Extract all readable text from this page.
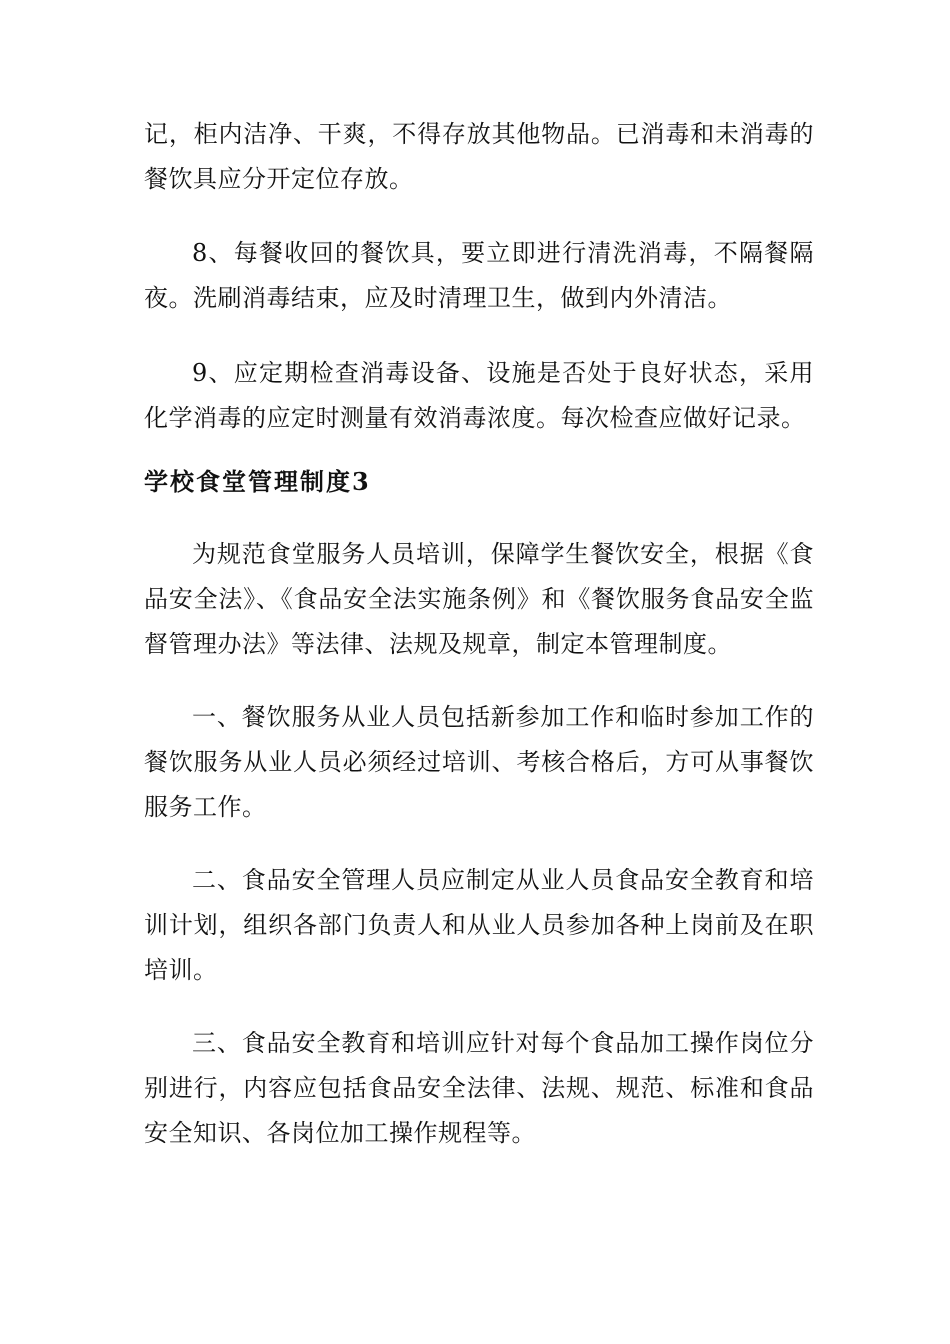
记，柜内洁净、干爽，不得存放其他物品。已消毒和未消毒的餐饮具应分开定位存放。

8、每餐收回的餐饮具，要立即进行清洗消毒，不隔餐隔夜。洗刷消毒结束，应及时清理卫生，做到内外清洁。

9、应定期检查消毒设备、设施是否处于良好状态，采用化学消毒的应定时测量有效消毒浓度。每次检查应做好记录。

学校食堂管理制度3

为规范食堂服务人员培训，保障学生餐饮安全，根据《食品安全法》、《食品安全法实施条例》和《餐饮服务食品安全监督管理办法》等法律、法规及规章，制定本管理制度。

一、餐饮服务从业人员包括新参加工作和临时参加工作的餐饮服务从业人员必须经过培训、考核合格后，方可从事餐饮服务工作。

二、食品安全管理人员应制定从业人员食品安全教育和培训计划，组织各部门负责人和从业人员参加各种上岗前及在职培训。

三、食品安全教育和培训应针对每个食品加工操作岗位分别进行，内容应包括食品安全法律、法规、规范、标准和食品安全知识、各岗位加工操作规程等。
